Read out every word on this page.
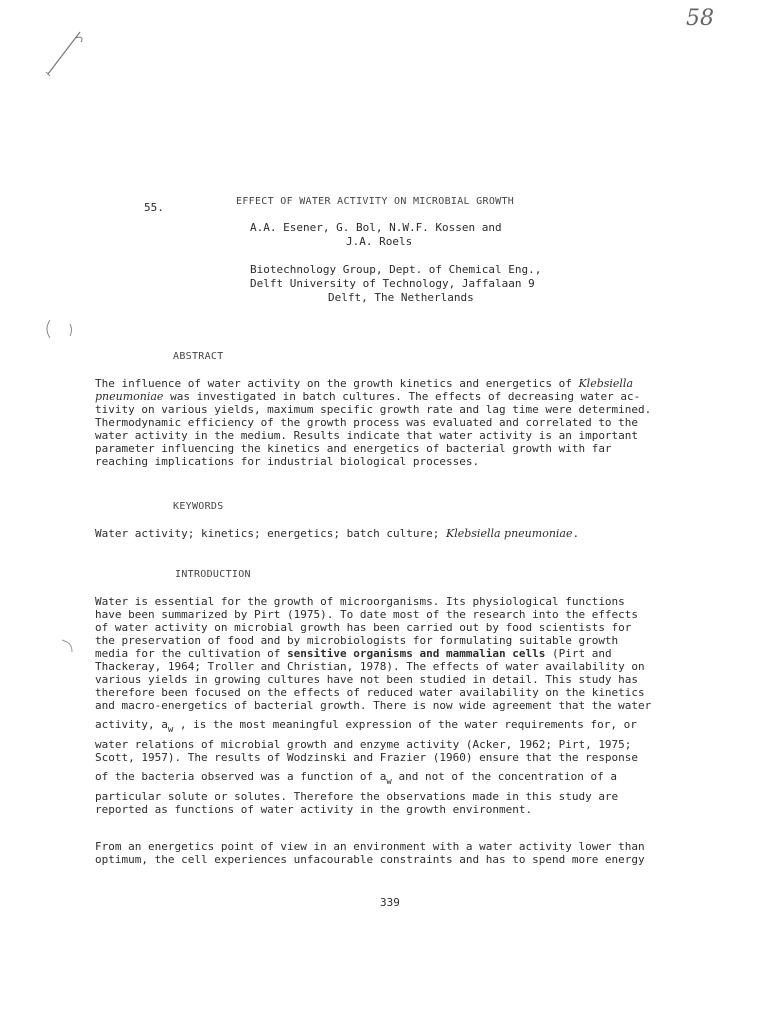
58
55.	EFFECT OF WATER ACTIVITY ON MICROBIAL GROWTH
A.A. Esener, G. Bol, N.W.F. Kossen and
J.A. Roels
Biotechnology Group, Dept. of Chemical Eng.,
Delft University of Technology, Jaffalaan 9
Delft, The Netherlands
ABSTRACT
The influence of water activity on the growth kinetics and energetics of Klebsiella
pneumoniae was investigated in batch cultures. The effects of decreasing water ac-
tivity on various yields, maximum specific growth rate and lag time were determined.
Thermodynamic efficiency of the growth process was evaluated and correlated to the
water activity in the medium. Results indicate that water activity is an important
parameter influencing the kinetics and energetics of bacterial growth with far
reaching implications for industrial biological processes.
KEYWORDS
Water activity; kinetics; energetics; batch culture; Klebsiella pneumoniae.
INTRODUCTION
Water is essential for the growth of microorganisms. Its physiological functions
have been summarized by Pirt (1975). To date most of the research into the effects
of water activity on microbial growth has been carried out by food scientists for
the preservation of food and by microbiologists for formulating suitable growth
media for the cultivation of sensitive organisms and mammalian cells (Pirt and
Thackeray, 1964; Troller and Christian, 1978). The effects of water availability on
various yields in growing cultures have not been studied in detail. This study has
therefore been focused on the effects of reduced water availability on the kinetics
and macro-energetics of bacterial growth. There is now wide agreement that the water
activity, $a_w$ , is the most meaningful expression of the water requirements for, or
water relations of microbial growth and enzyme activity (Acker, 1962; Pirt, 1975;
Scott, 1957). The results of Wodzinski and Frazier (1960) ensure that the response
of the bacteria observed was a function of $a_w$ and not of the concentration of a
particular solute or solutes. Therefore the observations made in this study are
reported as functions of water activity in the growth environment.
From an energetics point of view in an environment with a water activity lower than
optimum, the cell experiences unfacourable constraints and has to spend more energy
339
